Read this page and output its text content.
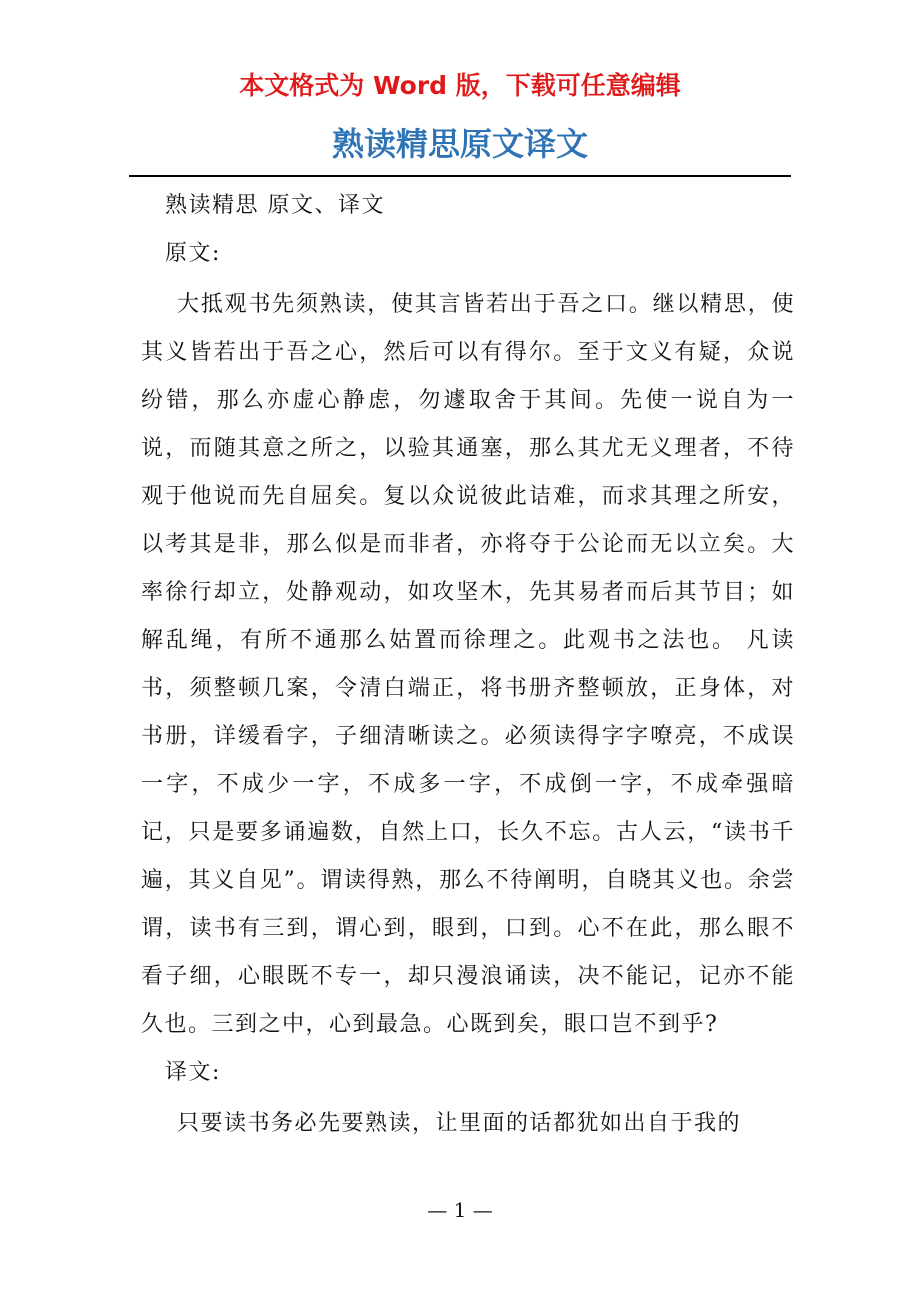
本文格式为 Word 版，下载可任意编辑
熟读精思原文译文

熟读精思 原文、译文

原文:

大抵观书先须熟读，使其言皆若出于吾之口。继以精思，使其义皆若出于吾之心，然后可以有得尔。至于文义有疑，众说纷错，那么亦虚心静虑，勿遽取舍于其间。先使一说自为一说，而随其意之所之，以验其通塞，那么其尤无义理者，不待观于他说而先自屈矣。复以众说彼此诘难，而求其理之所安，以考其是非，那么似是而非者，亦将夺于公论而无以立矣。大率徐行却立，处静观动，如攻坚木，先其易者而后其节目；如解乱绳，有所不通那么姑置而徐理之。此观书之法也。 凡读书，须整顿几案，令清白端正，将书册齐整顿放，正身体，对书册，详缓看字，子细清晰读之。必须读得字字嘹亮，不成误一字，不成少一字，不成多一字，不成倒一字，不成牵强暗记，只是要多诵遍数，自然上口，长久不忘。古人云，“读书千遍，其义自见”。谓读得熟，那么不待阐明，自晓其义也。余尝谓，读书有三到，谓心到，眼到，口到。心不在此，那么眼不看子细，心眼既不专一，却只漫浪诵读，决不能记，记亦不能久也。三到之中，心到最急。心既到矣，眼口岂不到乎?

译文:

只要读书务必先要熟读，让里面的话都犹如出自于我的

— 1 —
